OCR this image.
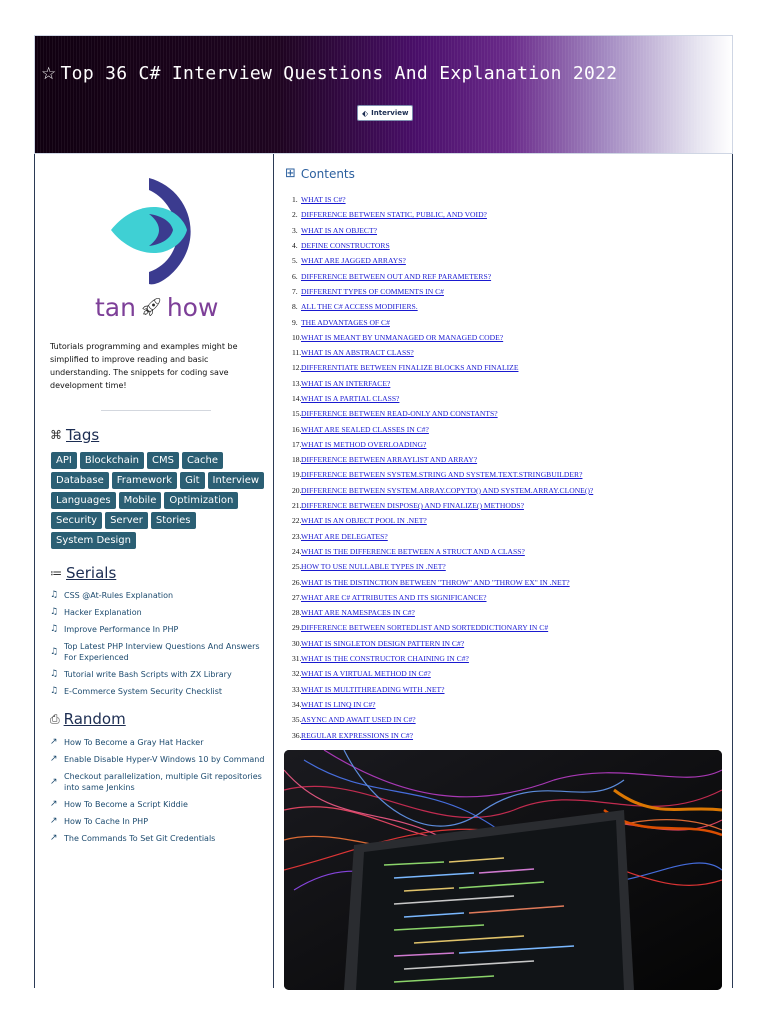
☆ Top 36 C# Interview Questions And Explanation 2022
⬖ Interview
tan 🚀︎ how

Tutorials programming and examples might be simplified to improve reading and basic understanding. The snippets for coding save development time!

⌘ Tags
API	Blockchain	CMS	Cache
Database	Framework	Git	Interview
Languages	Mobile	Optimization
Security	Server	Stories
System Design
≔ Serials
♫ CSS @At-Rules Explanation
♫ Hacker Explanation
♫ Improve Performance In PHP
♫ Top Latest PHP Interview Questions And Answers For Experienced
♫ Tutorial write Bash Scripts with ZX Library
♫ E-Commerce System Security Checklist
⎙ Random
↗ How To Become a Gray Hat Hacker
↗ Enable Disable Hyper-V Windows 10 by Command
↗ Checkout parallelization, multiple Git repositories into same Jenkins
↗ How To Become a Script Kiddie
↗ How To Cache In PHP
↗ The Commands To Set Git Credentials
⊞ Contents
1. WHAT IS C#?
2. DIFFERENCE BETWEEN STATIC, PUBLIC, AND VOID?
3. WHAT IS AN OBJECT?
4. DEFINE CONSTRUCTORS
5. WHAT ARE JAGGED ARRAYS?
6. DIFFERENCE BETWEEN OUT AND REF PARAMETERS?
7. DIFFERENT TYPES OF COMMENTS IN C#
8. ALL THE C# ACCESS MODIFIERS.
9. THE ADVANTAGES OF C#
10. WHAT IS MEANT BY UNMANAGED OR MANAGED CODE?
11. WHAT IS AN ABSTRACT CLASS?
12. DIFFERENTIATE BETWEEN FINALIZE BLOCKS AND FINALIZE
13. WHAT IS AN INTERFACE?
14. WHAT IS A PARTIAL CLASS?
15. DIFFERENCE BETWEEN READ-ONLY AND CONSTANTS?
16. WHAT ARE SEALED CLASSES IN C#?
17. WHAT IS METHOD OVERLOADING?
18. DIFFERENCE BETWEEN ARRAYLIST AND ARRAY?
19. DIFFERENCE BETWEEN SYSTEM.STRING AND SYSTEM.TEXT.STRINGBUILDER?
20. DIFFERENCE BETWEEN SYSTEM.ARRAY.COPYTO() AND SYSTEM.ARRAY.CLONE()?
21. DIFFERENCE BETWEEN DISPOSE() AND FINALIZE() METHODS?
22. WHAT IS AN OBJECT POOL IN .NET?
23. WHAT ARE DELEGATES?
24. WHAT IS THE DIFFERENCE BETWEEN A STRUCT AND A CLASS?
25. HOW TO USE NULLABLE TYPES IN .NET?
26. WHAT IS THE DISTINCTION BETWEEN "THROW" AND "THROW EX" IN .NET?
27. WHAT ARE C# ATTRIBUTES AND ITS SIGNIFICANCE?
28. WHAT ARE NAMESPACES IN C#?
29. DIFFERENCE BETWEEN SORTEDLIST AND SORTEDDICTIONARY IN C#
30. WHAT IS SINGLETON DESIGN PATTERN IN C#?
31. WHAT IS THE CONSTRUCTOR CHAINING IN C#?
32. WHAT IS A VIRTUAL METHOD IN C#?
33. WHAT IS MULTITHREADING WITH .NET?
34. WHAT IS LINQ IN C#?
35. ASYNC AND AWAIT USED IN C#?
36. REGULAR EXPRESSIONS IN C#?
